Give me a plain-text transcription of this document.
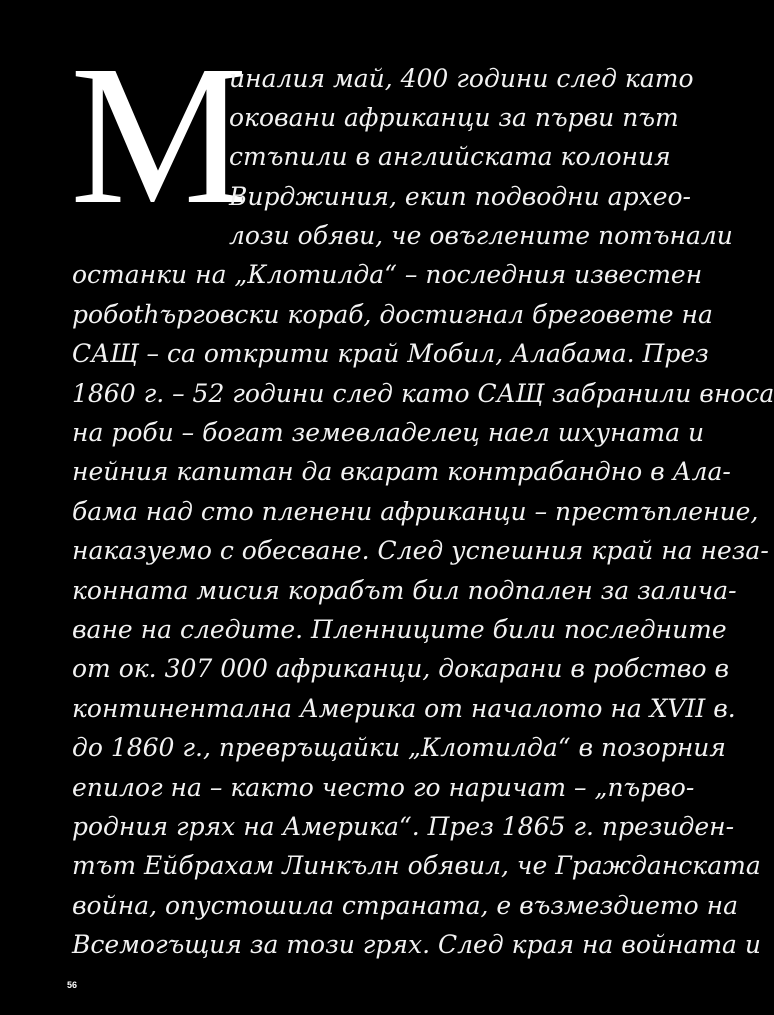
М
иналия май, 400 години след като
оковани африканци за първи път
стъпили в английската колония
Вирджиния, екип подводни архео-
лози обяви, че овъглените потънали
останки на „Клотилда“ – последния известен
робothърговски кораб, достигнал бреговете на
САЩ – са открити край Мобил, Алабама. През
1860 г. – 52 години след като САЩ забранили вноса
на роби – богат земевладелец наел шхуната и
нейния капитан да вкарат контрабандно в Ала-
бама над сто пленени африканци – престъпление,
наказуемо с обесване. След успешния край на неза-
конната мисия корабът бил подпален за залича-
ване на следите. Пленниците били последните
от ок. 307 000 африканци, докарани в робство в
континентална Америка от началото на XVII в.
до 1860 г., превръщайки „Клотилда“ в позорния
епилог на – както често го наричат – „първо-
родния грях на Америка“. През 1865 г. президен-
тът Ейбрахам Линкълн обявил, че Гражданската
война, опустошила страната, е възмездието на
Всемогъщия за този грях. След края на войната и
56
